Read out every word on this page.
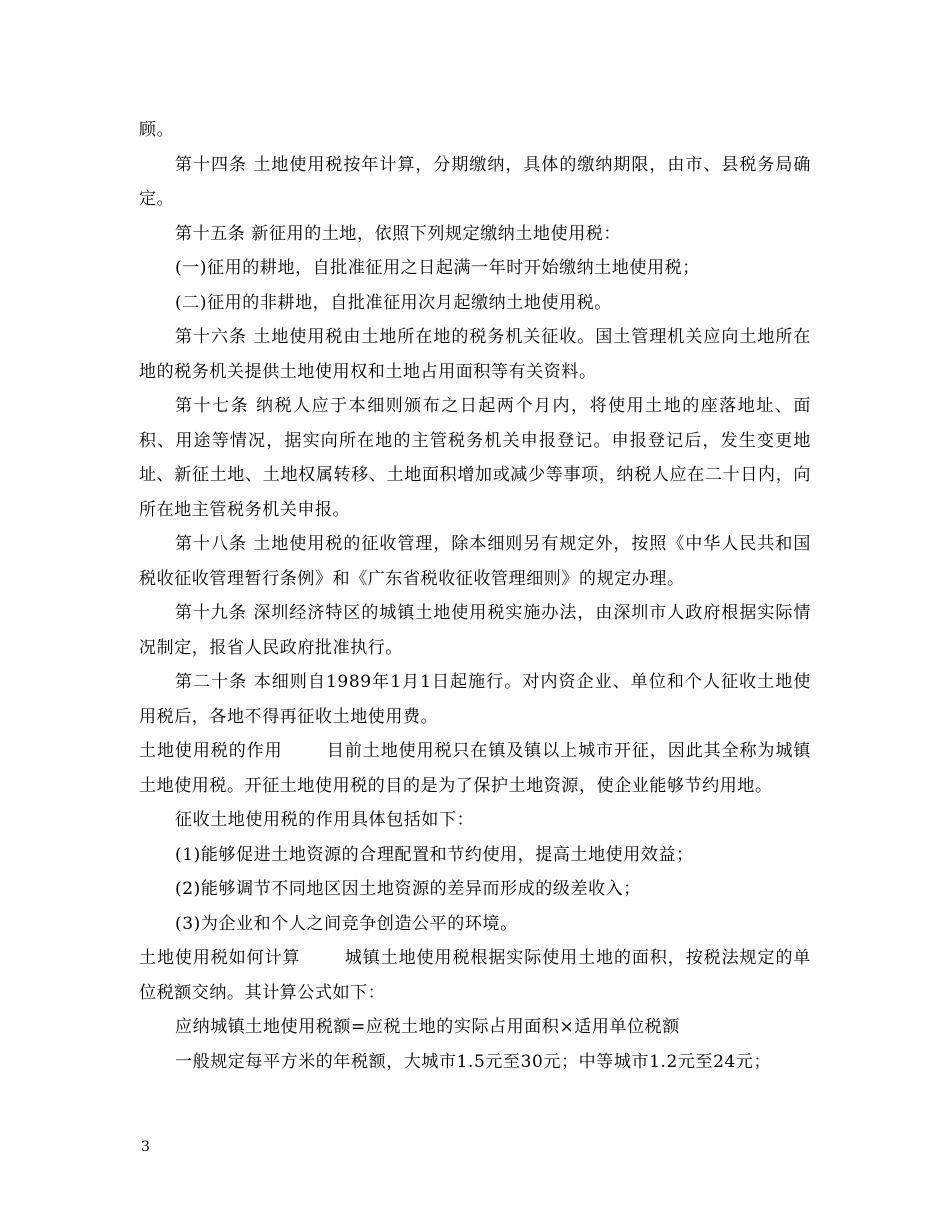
顾。

第十四条 土地使用税按年计算，分期缴纳，具体的缴纳期限，由市、县税务局确定。

第十五条 新征用的土地，依照下列规定缴纳土地使用税：

(一)征用的耕地，自批准征用之日起满一年时开始缴纳土地使用税；

(二)征用的非耕地，自批准征用次月起缴纳土地使用税。

第十六条 土地使用税由土地所在地的税务机关征收。国土管理机关应向土地所在地的税务机关提供土地使用权和土地占用面积等有关资料。

第十七条 纳税人应于本细则颁布之日起两个月内，将使用土地的座落地址、面积、用途等情况，据实向所在地的主管税务机关申报登记。申报登记后，发生变更地址、新征土地、土地权属转移、土地面积增加或减少等事项，纳税人应在二十日内，向所在地主管税务机关申报。

第十八条 土地使用税的征收管理，除本细则另有规定外，按照《中华人民共和国税收征收管理暂行条例》和《广东省税收征收管理细则》的规定办理。

第十九条 深圳经济特区的城镇土地使用税实施办法，由深圳市人政府根据实际情况制定，报省人民政府批准执行。

第二十条 本细则自1989年1月1日起施行。对内资企业、单位和个人征收土地使用税后，各地不得再征收土地使用费。

土地使用税的作用	目前土地使用税只在镇及镇以上城市开征，因此其全称为城镇土地使用税。开征土地使用税的目的是为了保护土地资源，使企业能够节约用地。

征收土地使用税的作用具体包括如下：

(1)能够促进土地资源的合理配置和节约使用，提高土地使用效益；

(2)能够调节不同地区因土地资源的差异而形成的级差收入；

(3)为企业和个人之间竞争创造公平的环境。

土地使用税如何计算	城镇土地使用税根据实际使用土地的面积，按税法规定的单位税额交纳。其计算公式如下：

应纳城镇土地使用税额=应税土地的实际占用面积×适用单位税额

一般规定每平方米的年税额，大城市1.5元至30元；中等城市1.2元至24元；

3
